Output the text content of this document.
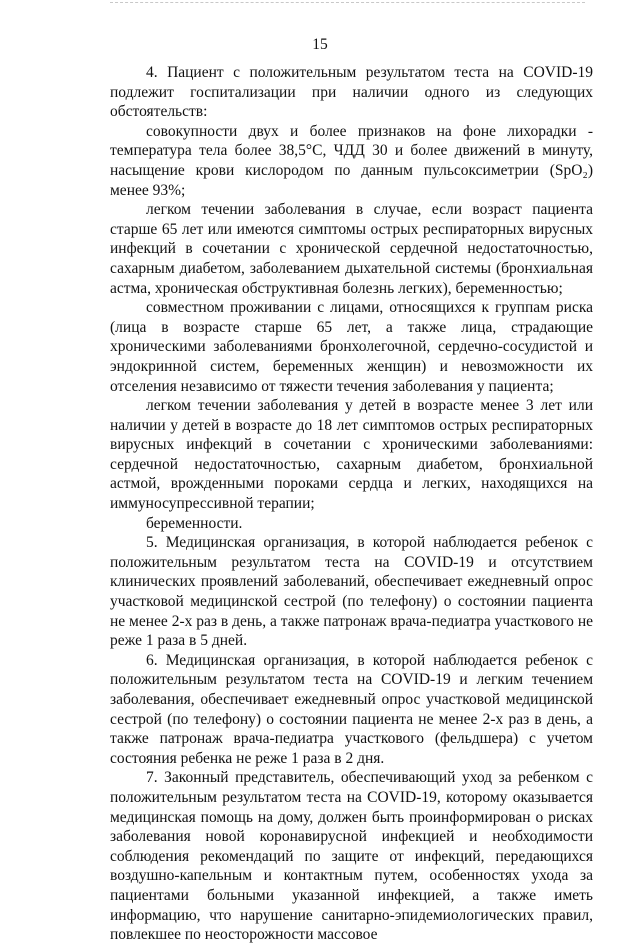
15

4. Пациент с положительным результатом теста на COVID-19 подлежит госпитализации при наличии одного из следующих обстоятельств:

совокупности двух и более признаков на фоне лихорадки - температура тела более 38,5°С, ЧДД 30 и более движений в минуту, насыщение крови кислородом по данным пульсоксиметрии (SpO₂) менее 93%;

легком течении заболевания в случае, если возраст пациента старше 65 лет или имеются симптомы острых респираторных вирусных инфекций в сочетании с хронической сердечной недостаточностью, сахарным диабетом, заболеванием дыхательной системы (бронхиальная астма, хроническая обструктивная болезнь легких), беременностью;

совместном проживании с лицами, относящихся к группам риска (лица в возрасте старше 65 лет, а также лица, страдающие хроническими заболеваниями бронхолегочной, сердечно-сосудистой и эндокринной систем, беременных женщин) и невозможности их отселения независимо от тяжести течения заболевания у пациента;

легком течении заболевания у детей в возрасте менее 3 лет или наличии у детей в возрасте до 18 лет симптомов острых респираторных вирусных инфекций в сочетании с хроническими заболеваниями: сердечной недостаточностью, сахарным диабетом, бронхиальной астмой, врожденными пороками сердца и легких, находящихся на иммуносупрессивной терапии;

беременности.

5. Медицинская организация, в которой наблюдается ребенок с положительным результатом теста на COVID-19 и отсутствием клинических проявлений заболеваний, обеспечивает ежедневный опрос участковой медицинской сестрой (по телефону) о состоянии пациента не менее 2-х раз в день, а также патронаж врача-педиатра участкового не реже 1 раза в 5 дней.

6. Медицинская организация, в которой наблюдается ребенок с положительным результатом теста на COVID-19 и легким течением заболевания, обеспечивает ежедневный опрос участковой медицинской сестрой (по телефону) о состоянии пациента не менее 2-х раз в день, а также патронаж врача-педиатра участкового (фельдшера) с учетом состояния ребенка не реже 1 раза в 2 дня.

7. Законный представитель, обеспечивающий уход за ребенком с положительным результатом теста на COVID-19, которому оказывается медицинская помощь на дому, должен быть проинформирован о рисках заболевания новой коронавирусной инфекцией и необходимости соблюдения рекомендаций по защите от инфекций, передающихся воздушно-капельным и контактным путем, особенностях ухода за пациентами больными указанной инфекцией, а также иметь информацию, что нарушение санитарно-эпидемиологических правил, повлекшее по неосторожности массовое
